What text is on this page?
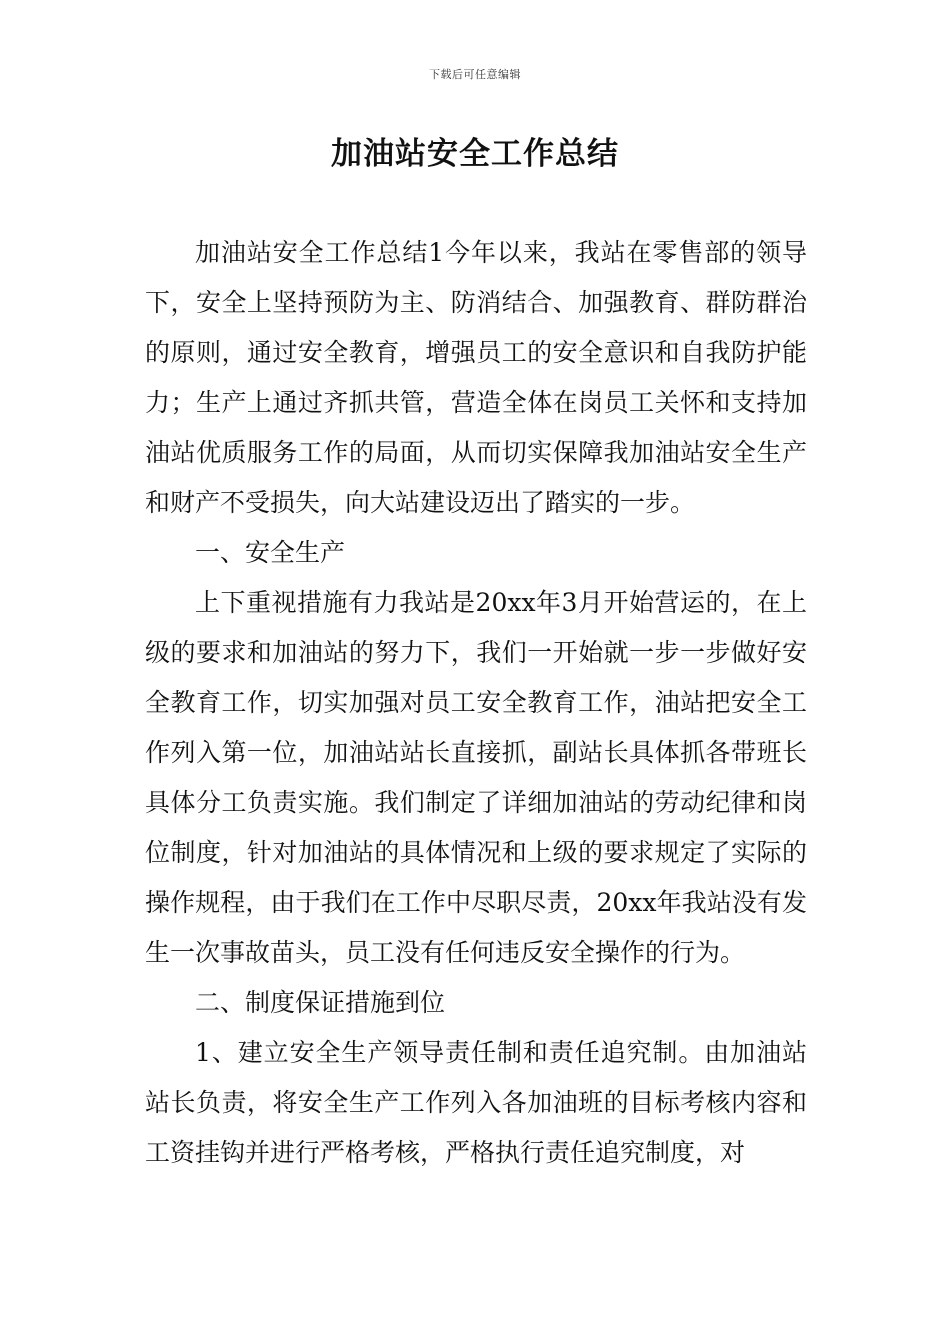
下载后可任意编辑
加油站安全工作总结

加油站安全工作总结1今年以来，我站在零售部的领导下，安全上坚持预防为主、防消结合、加强教育、群防群治的原则，通过安全教育，增强员工的安全意识和自我防护能力；生产上通过齐抓共管，营造全体在岗员工关怀和支持加油站优质服务工作的局面，从而切实保障我加油站安全生产和财产不受损失，向大站建设迈出了踏实的一步。

一、安全生产

上下重视措施有力我站是20xx年3月开始营运的，在上级的要求和加油站的努力下，我们一开始就一步一步做好安全教育工作，切实加强对员工安全教育工作，油站把安全工作列入第一位，加油站站长直接抓，副站长具体抓各带班长具体分工负责实施。我们制定了详细加油站的劳动纪律和岗位制度，针对加油站的具体情况和上级的要求规定了实际的操作规程，由于我们在工作中尽职尽责，20xx年我站没有发生一次事故苗头，员工没有任何违反安全操作的行为。

二、制度保证措施到位

1、建立安全生产领导责任制和责任追究制。由加油站站长负责，将安全生产工作列入各加油班的目标考核内容和工资挂钩并进行严格考核，严格执行责任追究制度，对
